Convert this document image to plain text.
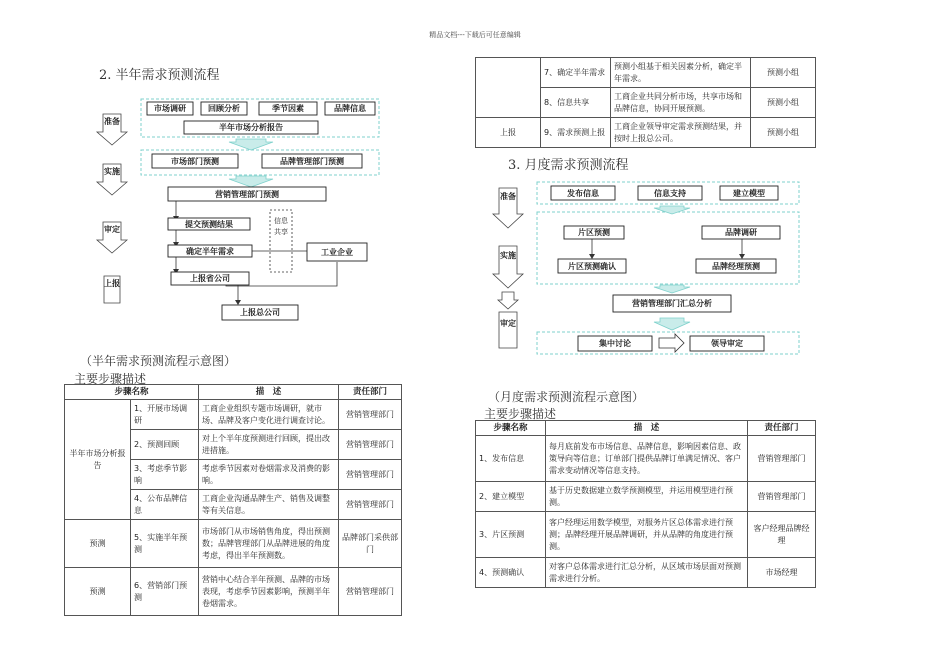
精品文档---下载后可任意编辑
2. 半年需求预测流程
准备
实施
审定
上报
市场调研	回顾分析	季节因素	品牌信息
半年市场分析报告
市场部门预测	品牌管理部门预测
营销管理部门预测
提交预测结果
确定半年需求
信息共享
工业企业
上报省公司
上报总公司
（半年需求预测流程示意图）
主要步骤描述
步骤名称		描　述	责任部门
半年市场分析报告	1、开展市场调研	工商企业组织专题市场调研，就市场、品牌及客户变化进行调查讨论。	营销管理部门
	2、预测回顾	对上个半年度预测进行回顾，提出改进措施。	营销管理部门
	3、考虑季节影响	考虑季节因素对卷烟需求及消费的影响。	营销管理部门
	4、公布品牌信息	工商企业沟通品牌生产、销售及调整等有关信息。	营销管理部门
预测	5、实施半年预测	市场部门从市场销售角度，得出预测数；品牌管理部门从品牌进展的角度考虑，得出半年预测数。	品牌部门采供部门
预测	6、营销部门预测	营销中心结合半年预测、品牌的市场表现，考虑季节因素影响，预测半年卷烟需求。	营销管理部门
	7、确定半年需求	预测小组基于相关因素分析，确定半年需求。	预测小组
	8、信息共享	工商企业共同分析市场，共享市场和品牌信息，协同开展预测。	预测小组
上报	9、需求预测上报	工商企业领导审定需求预测结果，并按时上报总公司。	预测小组
3. 月度需求预测流程
准备
实施
审定
发布信息	信息支持	建立模型
片区预测	品牌调研
片区预测确认	品牌经理预测
营销管理部门汇总分析
集中讨论	领导审定
（月度需求预测流程示意图）
主要步骤描述
步骤名称	描　述	责任部门
1、发布信息	每月底前发布市场信息、品牌信息，影响因素信息、政策导向等信息；订单部门提供品牌订单满足情况、客户需求变动情况等信息支持。	营销管理部门
2、建立模型	基于历史数据建立数学预测模型，并运用模型进行预测。	营销管理部门
3、片区预测	客户经理运用数学模型，对服务片区总体需求进行预测；品牌经理开展品牌调研，并从品牌的角度进行预测。	客户经理品牌经理
4、预测确认	对客户总体需求进行汇总分析，从区域市场层面对预测需求进行分析。	市场经理
